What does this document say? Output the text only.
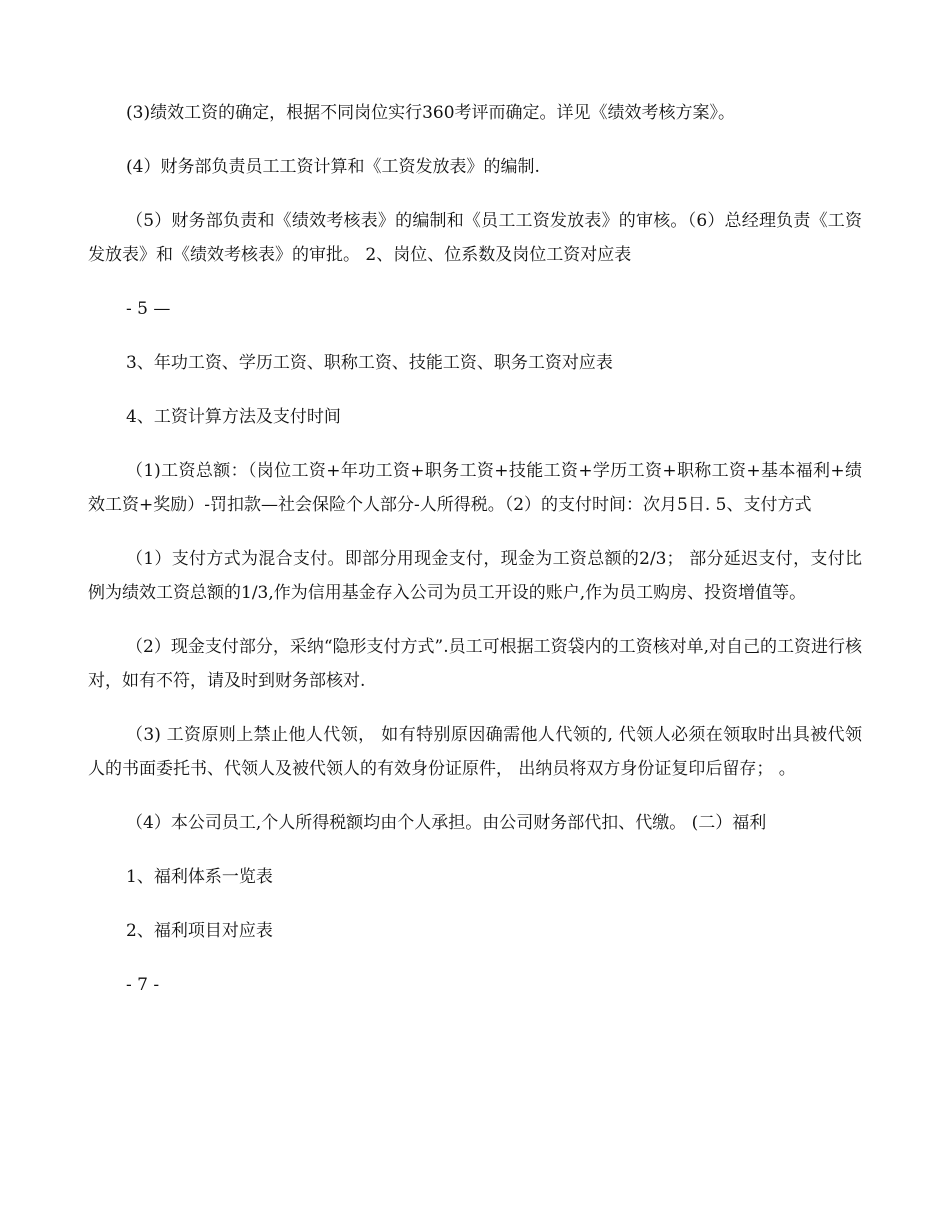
(3)绩效工资的确定，根据不同岗位实行360考评而确定。详见《绩效考核方案》。

(4）财务部负责员工工资计算和《工资发放表》的编制.

（5）财务部负责和《绩效考核表》的编制和《员工工资发放表》的审核。（6）总经理负责《工资发放表》和《绩效考核表》的审批。 2、岗位、位系数及岗位工资对应表

- 5 —

3、年功工资、学历工资、职称工资、技能工资、职务工资对应表

4、工资计算方法及支付时间

（1)工资总额：（岗位工资+年功工资+职务工资+技能工资+学历工资+职称工资+基本福利+绩效工资+奖励）-罚扣款—社会保险个人部分-人所得税。（2）的支付时间：次月5日. 5、支付方式

（1）支付方式为混合支付。即部分用现金支付，现金为工资总额的2/3； 部分延迟支付，支付比例为绩效工资总额的1/3,作为信用基金存入公司为员工开设的账户,作为员工购房、投资增值等。

（2）现金支付部分，采纳“隐形支付方式”.员工可根据工资袋内的工资核对单,对自己的工资进行核对，如有不符，请及时到财务部核对.

（3) 工资原则上禁止他人代领， 如有特别原因确需他人代领的, 代领人必须在领取时出具被代领人的书面委托书、代领人及被代领人的有效身份证原件， 出纳员将双方身份证复印后留存； 。

（4）本公司员工,个人所得税额均由个人承担。由公司财务部代扣、代缴。 (二）福利

1、福利体系一览表

2、福利项目对应表

- 7 -
